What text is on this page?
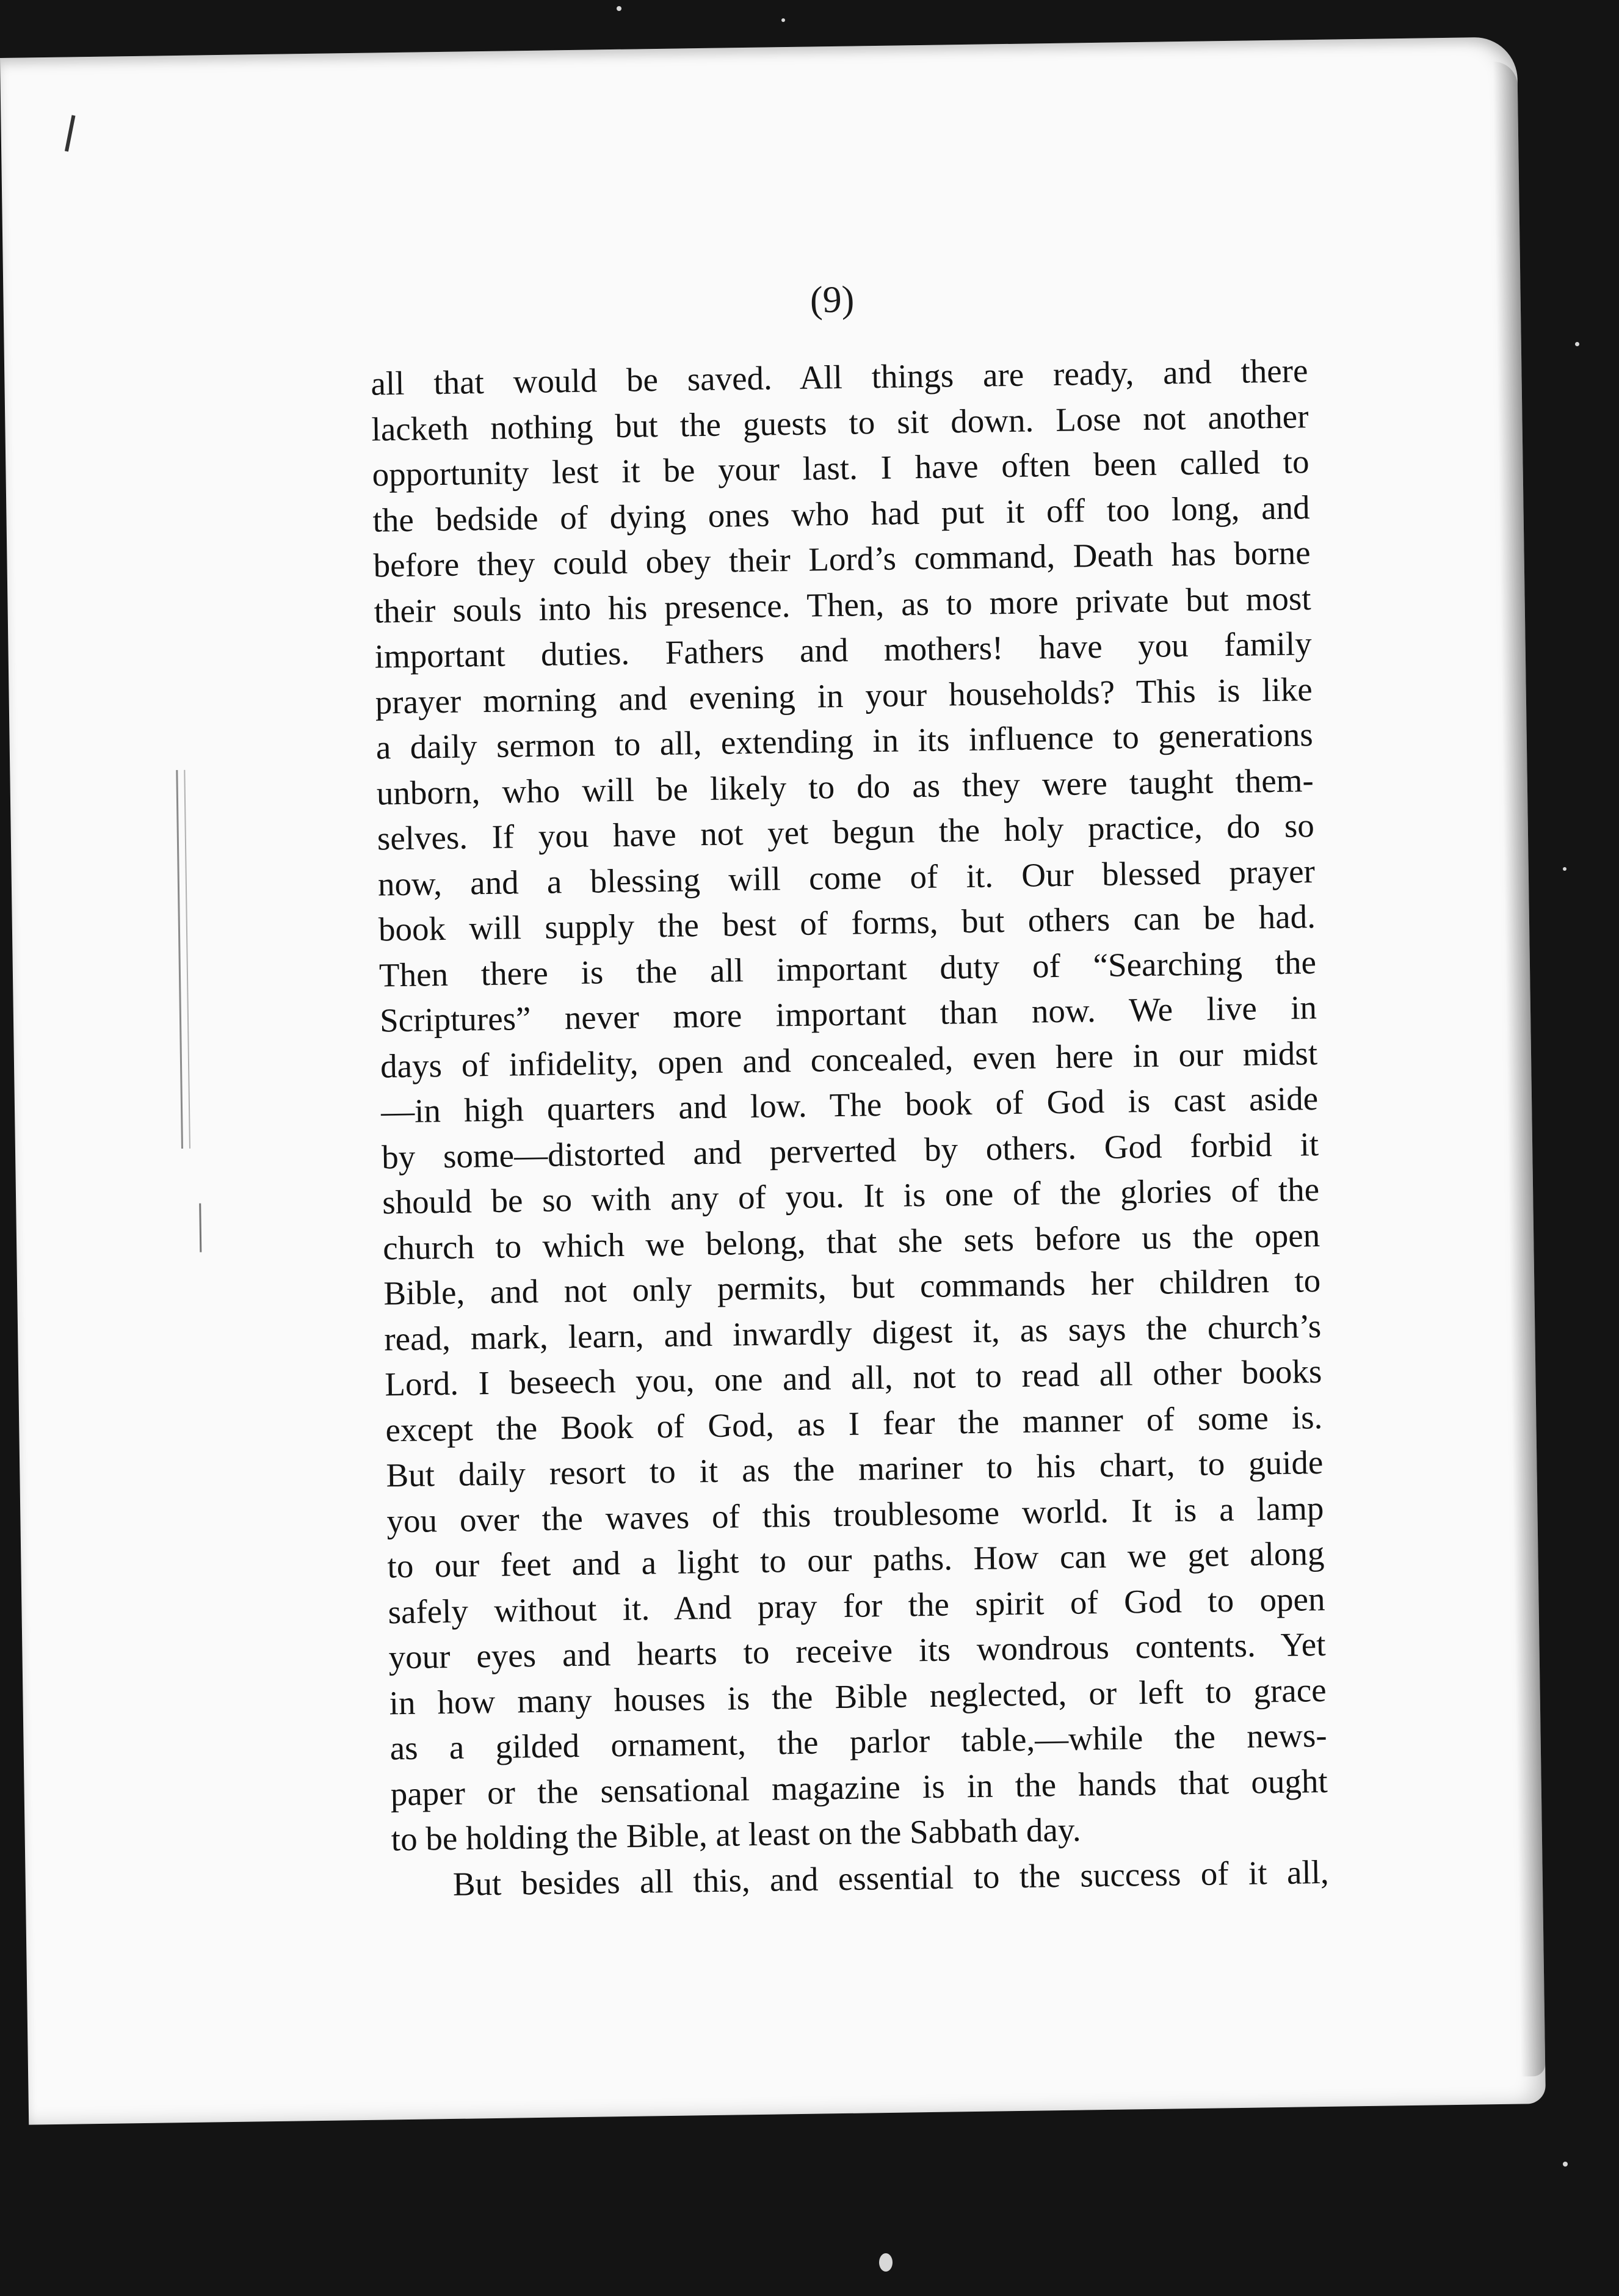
(9)
all that would be saved. All things are ready, and there
lacketh nothing but the guests to sit down. Lose not another
opportunity lest it be your last. I have often been called to
the bedside of dying ones who had put it off too long, and
before they could obey their Lord’s command, Death has borne
their souls into his presence. Then, as to more private but most
important duties. Fathers and mothers! have you family
prayer morning and evening in your households? This is like
a daily sermon to all, extending in its influence to generations
unborn, who will be likely to do as they were taught them-
selves. If you have not yet begun the holy practice, do so
now, and a blessing will come of it. Our blessed prayer
book will supply the best of forms, but others can be had.
Then there is the all important duty of “Searching the
Scriptures” never more important than now. We live in
days of infidelity, open and concealed, even here in our midst
—in high quarters and low. The book of God is cast aside
by some—distorted and perverted by others. God forbid it
should be so with any of you. It is one of the glories of the
church to which we belong, that she sets before us the open
Bible, and not only permits, but commands her children to
read, mark, learn, and inwardly digest it, as says the church’s
Lord. I beseech you, one and all, not to read all other books
except the Book of God, as I fear the manner of some is.
But daily resort to it as the mariner to his chart, to guide
you over the waves of this troublesome world. It is a lamp
to our feet and a light to our paths. How can we get along
safely without it. And pray for the spirit of God to open
your eyes and hearts to receive its wondrous contents. Yet
in how many houses is the Bible neglected, or left to grace
as a gilded ornament, the parlor table,—while the news-
paper or the sensational magazine is in the hands that ought
to be holding the Bible, at least on the Sabbath day.
But besides all this, and essential to the success of it all,
